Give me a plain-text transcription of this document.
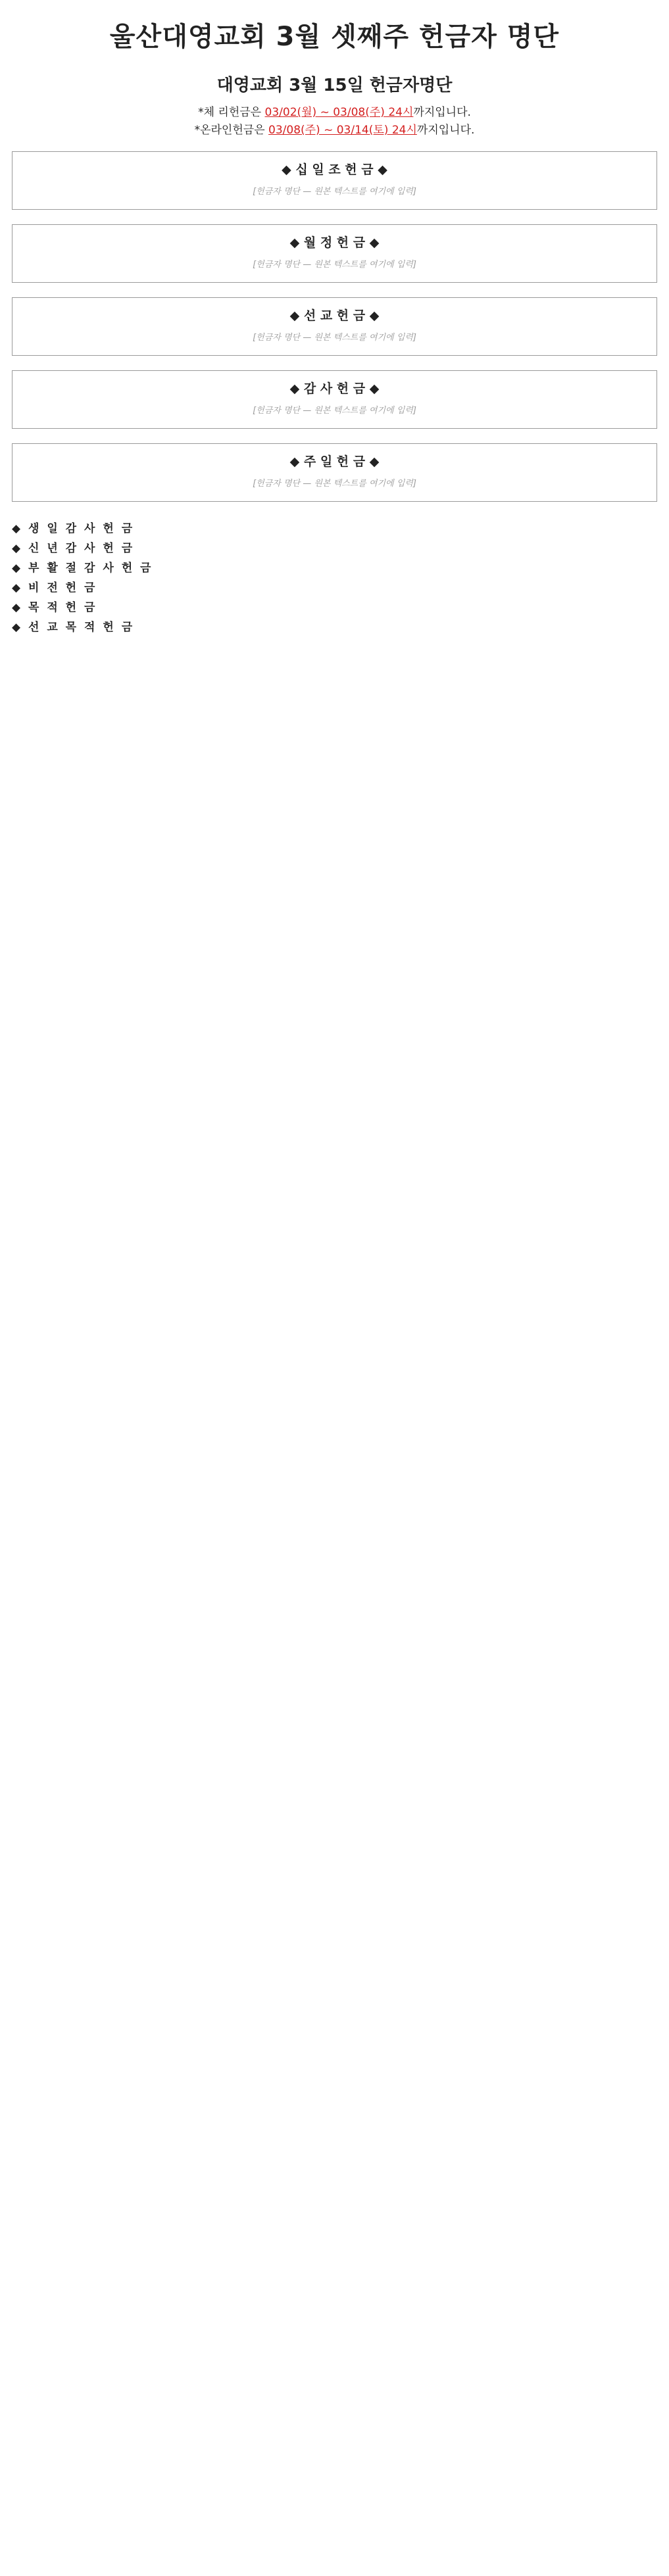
울산대영교회 3월 셋째주 헌금자 명단
대영교회 3월 15일 헌금자명단

*체 리헌금은 03/02(월) ~ 03/08(주) 24시까지입니다.

*온라인헌금은 03/08(주) ~ 03/14(토) 24시까지입니다.

◆ 십 일 조 헌 금 ◆
[헌금자 명단 — 원본 텍스트를 여기에 입력]
◆ 월 정 헌 금 ◆
[헌금자 명단 — 원본 텍스트를 여기에 입력]
◆ 선 교 헌 금 ◆
[헌금자 명단 — 원본 텍스트를 여기에 입력]
◆ 감 사 헌 금 ◆
[헌금자 명단 — 원본 텍스트를 여기에 입력]
◆ 주 일 헌 금 ◆
[헌금자 명단 — 원본 텍스트를 여기에 입력]
◆ 생 일 감 사 헌 금
◆ 신 년 감 사 헌 금
◆ 부 활 절 감 사 헌 금
◆ 비 전 헌 금
◆ 목 적 헌 금
◆ 선 교 목 적 헌 금
